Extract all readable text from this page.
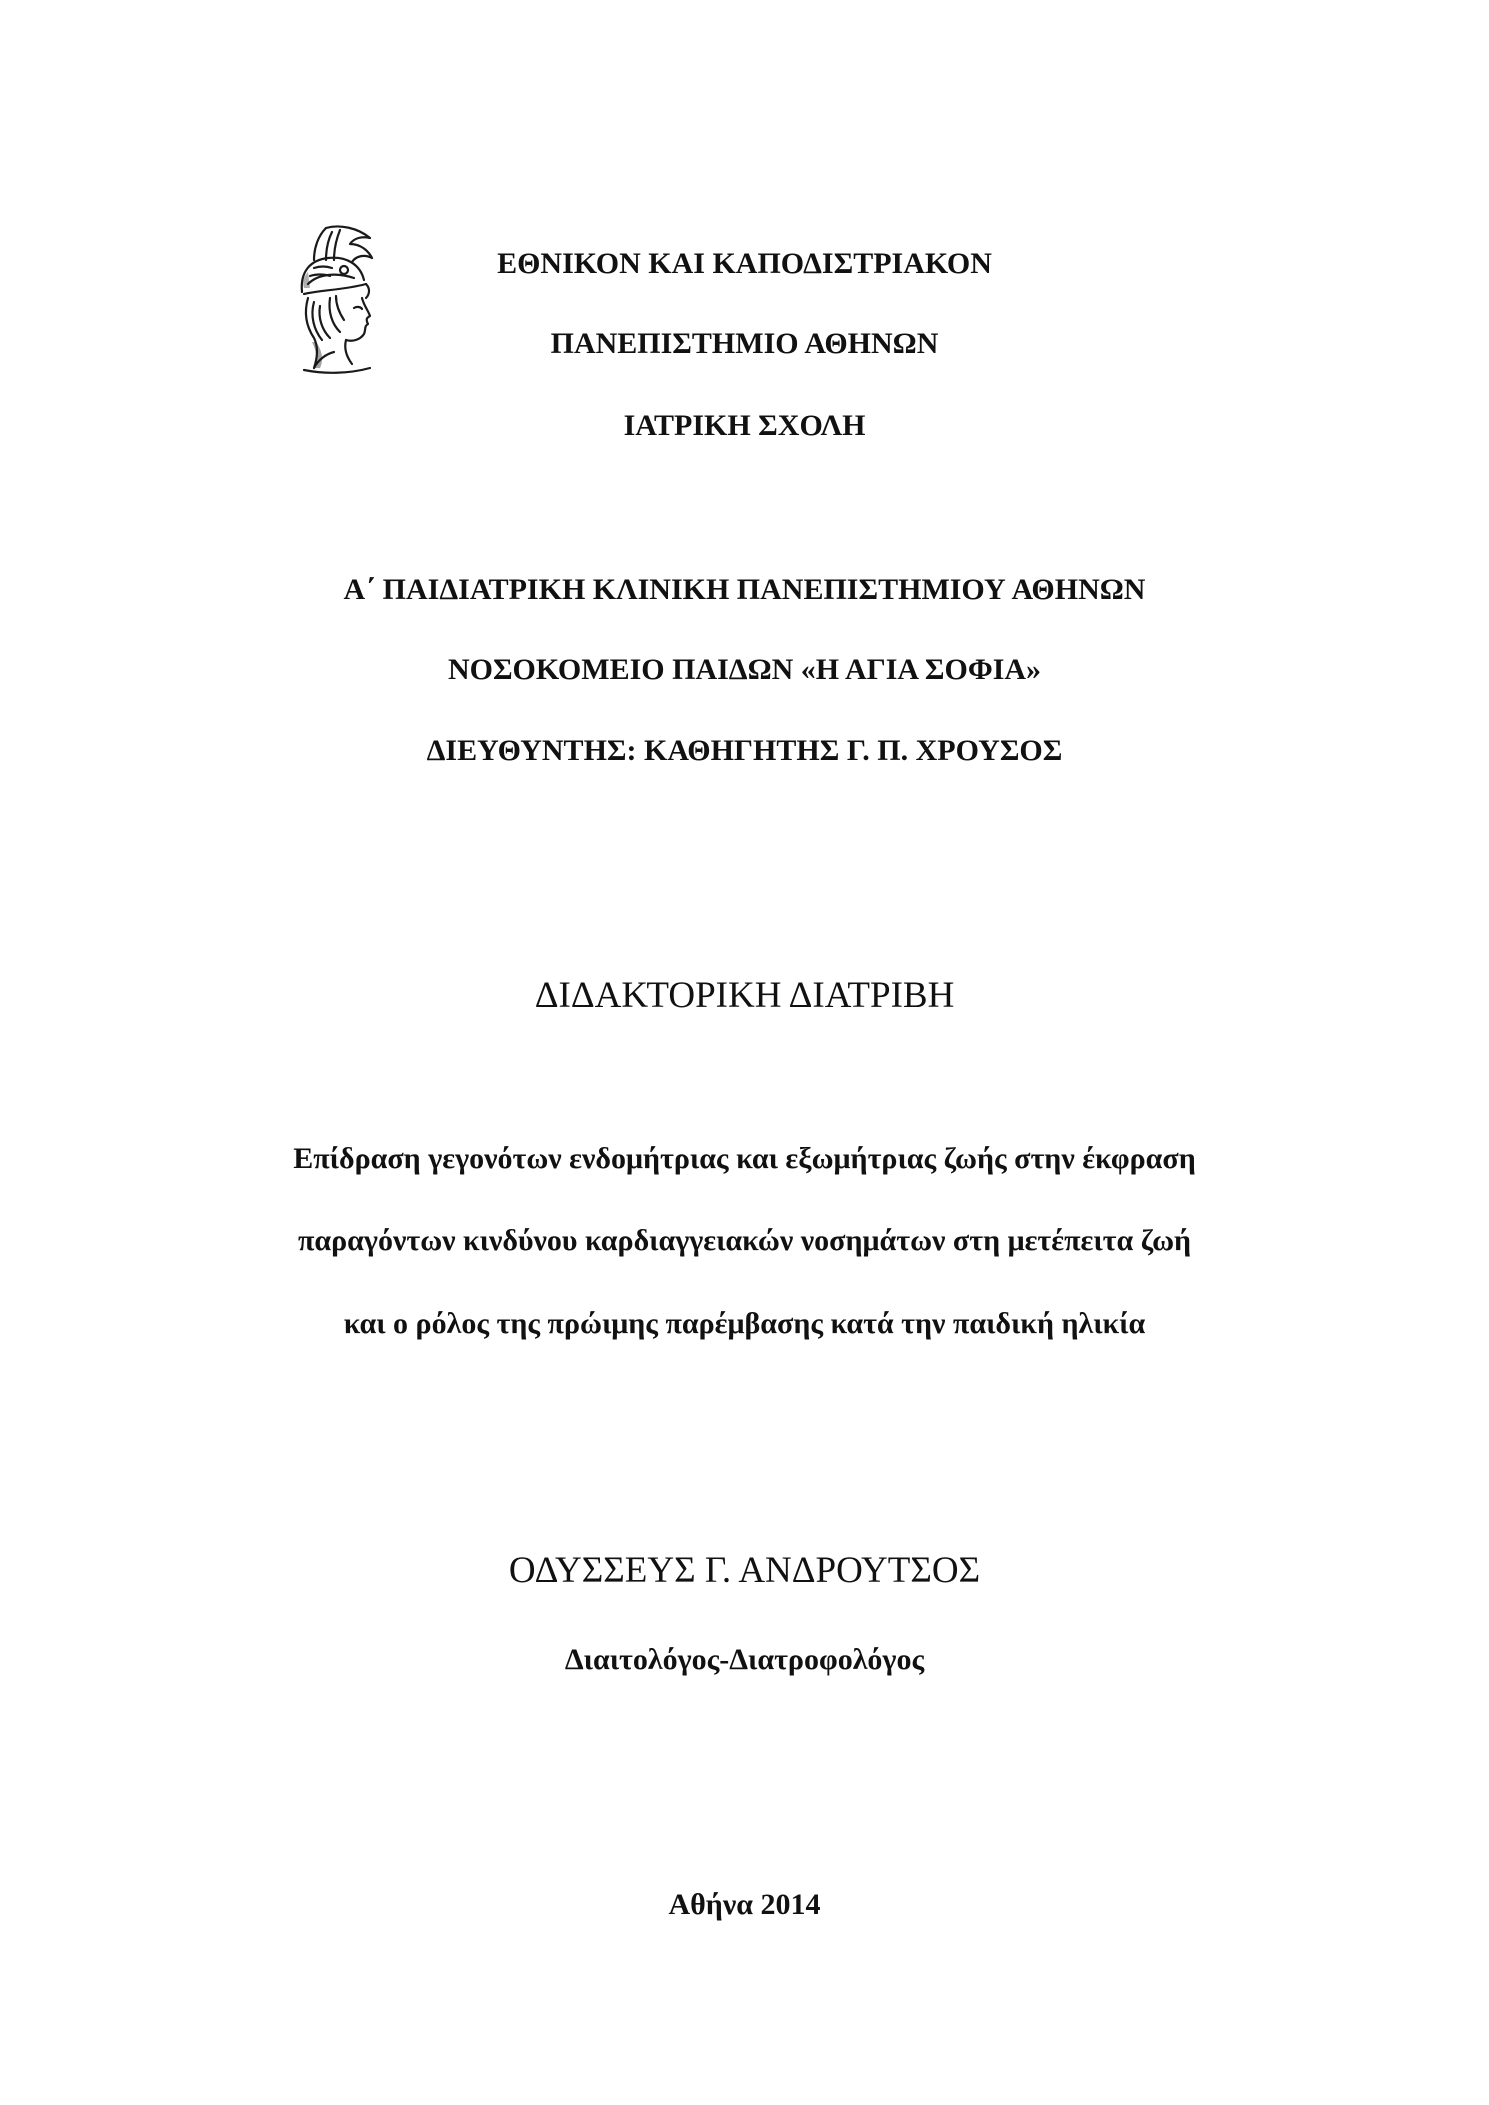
ΕΘΝΙΚΟΝ ΚΑΙ ΚΑΠΟΔΙΣΤΡΙΑΚΟΝ
ΠΑΝΕΠΙΣΤΗΜΙΟ ΑΘΗΝΩΝ
ΙΑΤΡΙΚΗ ΣΧΟΛΗ
Α΄ ΠΑΙΔΙΑΤΡΙΚΗ ΚΛΙΝΙΚΗ ΠΑΝΕΠΙΣΤΗΜΙΟΥ ΑΘΗΝΩΝ
ΝΟΣΟΚΟΜΕΙΟ ΠΑΙΔΩΝ «Η ΑΓΙΑ ΣΟΦΙΑ»
ΔΙΕΥΘΥΝΤΗΣ: ΚΑΘΗΓΗΤΗΣ Γ. Π. ΧΡΟΥΣΟΣ
ΔΙΔΑΚΤΟΡΙΚΗ ΔΙΑΤΡΙΒΗ
Επίδραση γεγονότων ενδομήτριας και εξωμήτριας ζωής στην έκφραση
παραγόντων κινδύνου καρδιαγγειακών νοσημάτων στη μετέπειτα ζωή
και ο ρόλος της πρώιμης παρέμβασης κατά την παιδική ηλικία
ΟΔΥΣΣΕΥΣ Γ. ΑΝΔΡΟΥΤΣΟΣ
Διαιτολόγος-Διατροφολόγος
Αθήνα 2014
